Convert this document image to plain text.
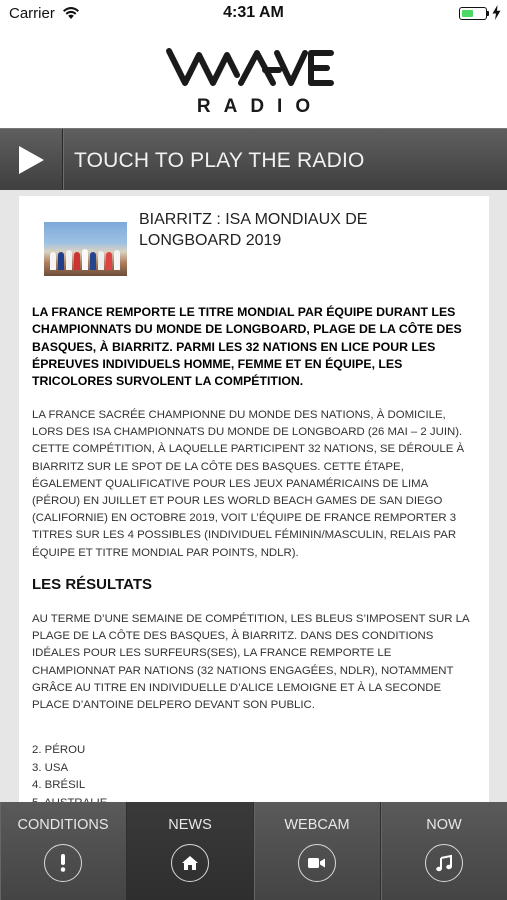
Carrier	4:31 AM
RADIO
TOUCH TO PLAY THE RADIO
BIARRITZ : ISA MONDIAUX DE LONGBOARD 2019

LA FRANCE REMPORTE LE TITRE MONDIAL PAR ÉQUIPE DURANT LES CHAMPIONNATS DU MONDE DE LONGBOARD, PLAGE DE LA CÔTE DES BASQUES, À BIARRITZ. PARMI LES 32 NATIONS EN LICE POUR LES ÉPREUVES INDIVIDUELS HOMME, FEMME ET EN ÉQUIPE, LES TRICOLORES SURVOLENT LA COMPÉTITION.

LA FRANCE SACRÉE CHAMPIONNE DU MONDE DES NATIONS, À DOMICILE, LORS DES ISA CHAMPIONNATS DU MONDE DE LONGBOARD (26 MAI – 2 JUIN). CETTE COMPÉTITION, À LAQUELLE PARTICIPENT 32 NATIONS, SE DÉROULE À BIARRITZ SUR LE SPOT DE LA CÔTE DES BASQUES. CETTE ÉTAPE, ÉGALEMENT QUALIFICATIVE POUR LES JEUX PANAMÉRICAINS DE LIMA (PÉROU) EN JUILLET ET POUR LES WORLD BEACH GAMES DE SAN DIEGO (CALIFORNIE) EN OCTOBRE 2019, VOIT L’ÉQUIPE DE FRANCE REMPORTER 3 TITRES SUR LES 4 POSSIBLES (INDIVIDUEL FÉMININ/MASCULIN, RELAIS PAR ÉQUIPE ET TITRE MONDIAL PAR POINTS, NDLR).

LES RÉSULTATS

AU TERME D’UNE SEMAINE DE COMPÉTITION, LES BLEUS S’IMPOSENT SUR LA PLAGE DE LA CÔTE DES BASQUES, À BIARRITZ. DANS DES CONDITIONS IDÉALES POUR LES SURFEURS(SES), LA FRANCE REMPORTE LE CHAMPIONNAT PAR NATIONS (32 NATIONS ENGAGÉES, NDLR), NOTAMMENT GRÂCE AU TITRE EN INDIVIDUELLE D’ALICE LEMOIGNE ET À LA SECONDE PLACE D’ANTOINE DELPERO DEVANT SON PUBLIC.

2. PÉROU
3. USA
4. BRÉSIL
CONDITIONS	NEWS	WEBCAM	NOW
